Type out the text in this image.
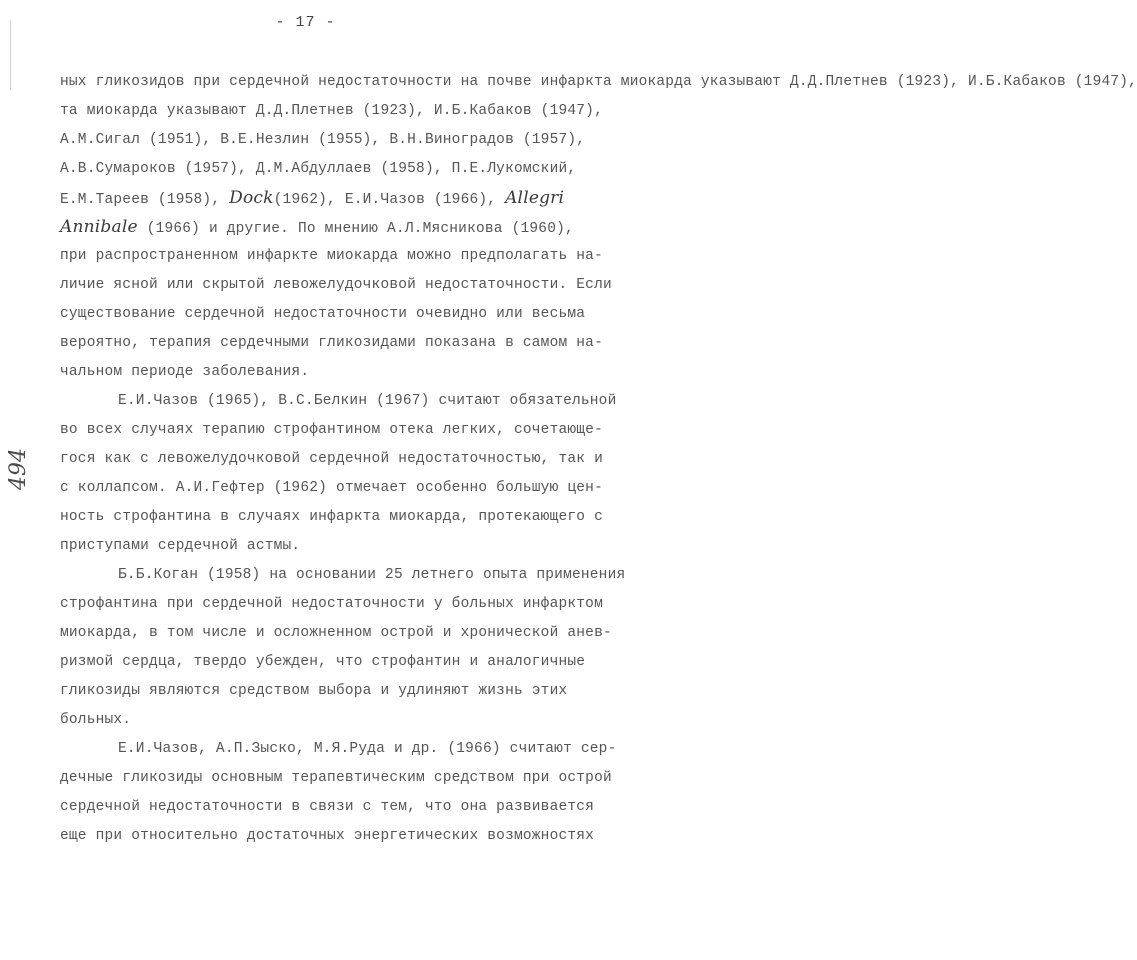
- 17 -
494
ных гликозидов при сердечной недостаточности на почве инфаркта миокарда указывают Д.Д.Плетнев (1923), И.Б.Кабаков (1947),
та миокарда указывают Д.Д.Плетнев (1923), И.Б.Кабаков (1947),
А.М.Сигал (1951), В.Е.Незлин (1955), В.Н.Виноградов (1957),
А.В.Сумароков (1957), Д.М.Абдуллаев (1958), П.Е.Лукомский,
Е.М.Тареев (1958), Dock(1962), Е.И.Чазов (1966), Allegri
Annibale (1966) и другие. По мнению А.Л.Мясникова (1960),
при распространенном инфаркте миокарда можно предполагать на-
личие ясной или скрытой левожелудочковой недостаточности. Если
существование сердечной недостаточности очевидно или весьма
вероятно, терапия сердечными гликозидами показана в самом на-
чальном периоде заболевания.
Е.И.Чазов (1965), В.С.Белкин (1967) считают обязательной
во всех случаях терапию строфантином отека легких, сочетающе-
гося как с левожелудочковой сердечной недостаточностью, так и
с коллапсом. А.И.Гефтер (1962) отмечает особенно большую цен-
ность строфантина в случаях инфаркта миокарда, протекающего с
приступами сердечной астмы.
Б.Б.Коган (1958) на основании 25 летнего опыта применения
строфантина при сердечной недостаточности у больных инфарктом
миокарда, в том числе и осложненном острой и хронической анев-
ризмой сердца, твердо убежден, что строфантин и аналогичные
гликозиды являются средством выбора и удлиняют жизнь этих
больных.
Е.И.Чазов, А.П.Зыско, М.Я.Руда и др. (1966) считают сер-
дечные гликозиды основным терапевтическим средством при острой
сердечной недостаточности в связи с тем, что она развивается
еще при относительно достаточных энергетических возможностях
